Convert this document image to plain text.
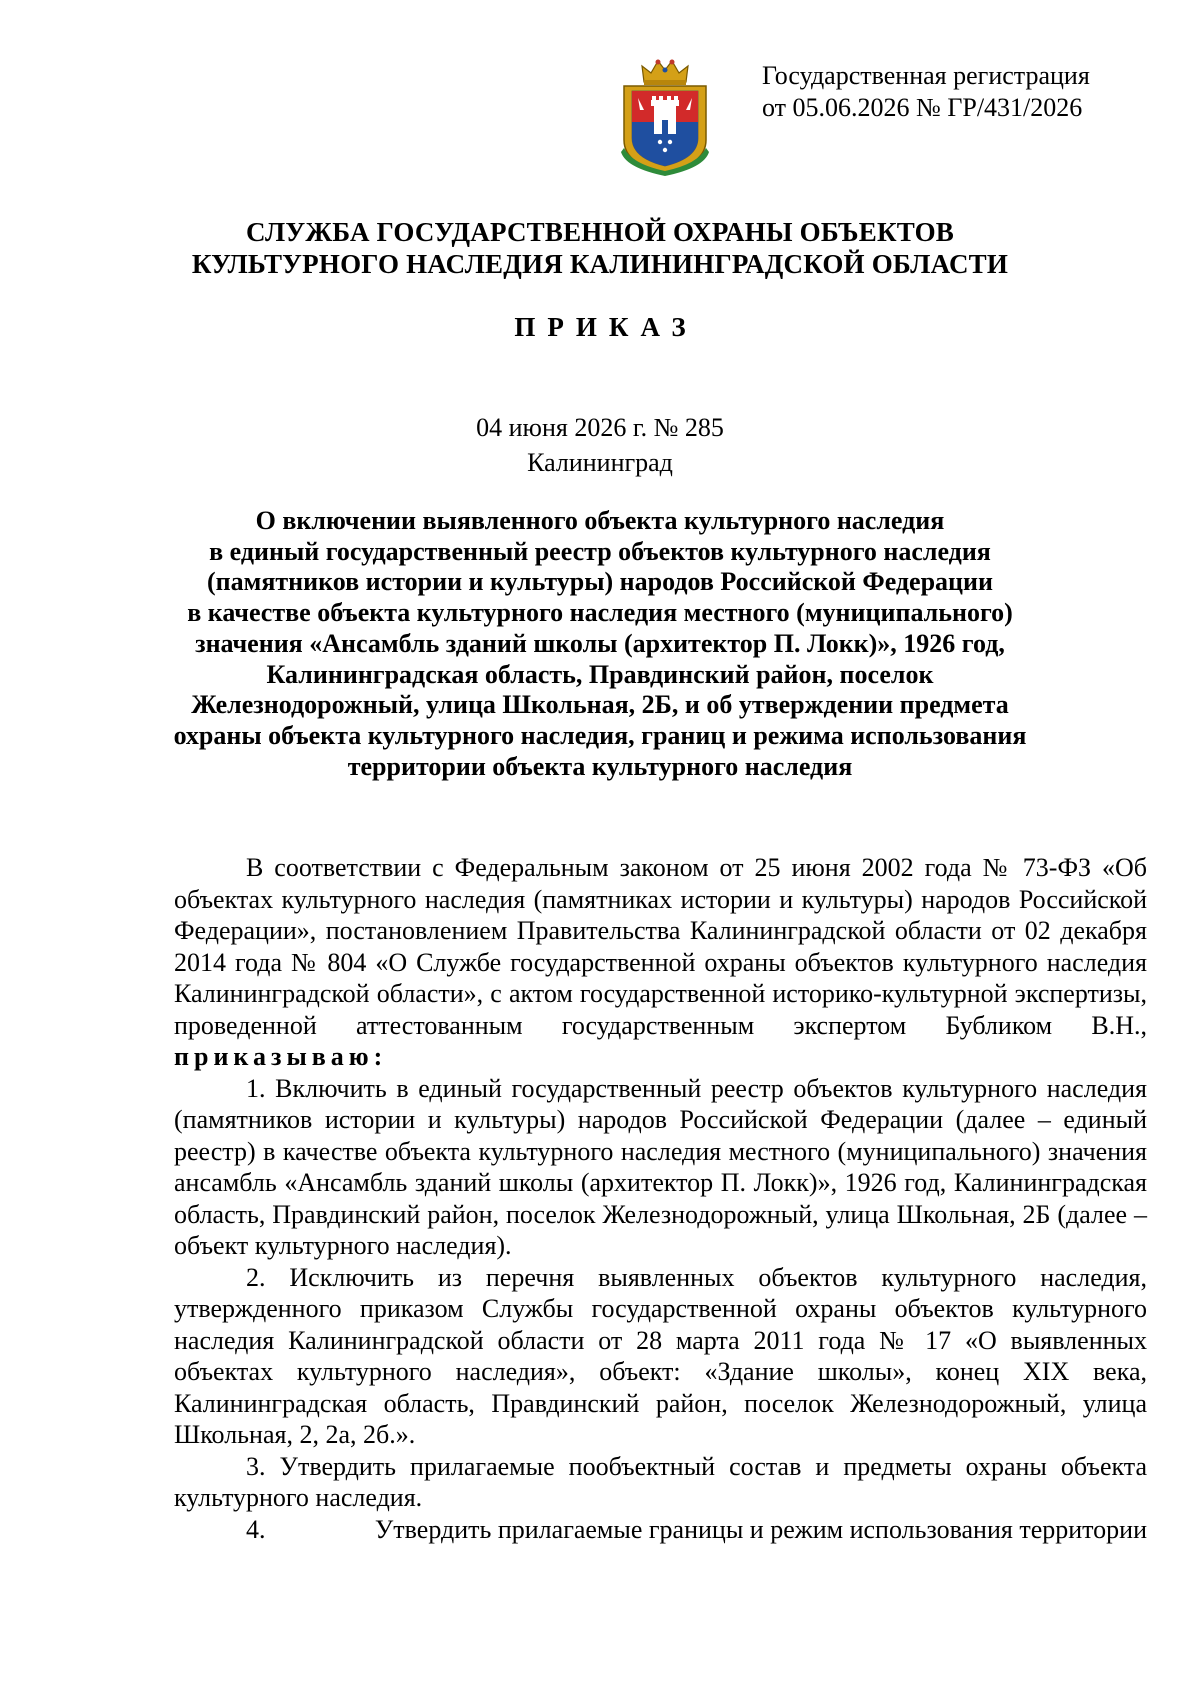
Государственная регистрация
от 05.06.2026 № ГР/431/2026
СЛУЖБА ГОСУДАРСТВЕННОЙ ОХРАНЫ ОБЪЕКТОВ
КУЛЬТУРНОГО НАСЛЕДИЯ КАЛИНИНГРАДСКОЙ ОБЛАСТИ
ПРИКАЗ
04 июня 2026 г. № 285
Калининград
О включении выявленного объекта культурного наследия
в единый государственный реестр объектов культурного наследия
(памятников истории и культуры) народов Российской Федерации
в качестве объекта культурного наследия местного (муниципального)
значения «Ансамбль зданий школы (архитектор П. Локк)», 1926 год,
Калининградская область, Правдинский район, поселок
Железнодорожный, улица Школьная, 2Б, и об утверждении предмета
охраны объекта культурного наследия, границ и режима использования
территории объекта культурного наследия

В соответствии с Федеральным законом от 25 июня 2002 года № 73-ФЗ «Об объектах культурного наследия (памятниках истории и культуры) народов Российской Федерации», постановлением Правительства Калининградской области от 02 декабря 2014 года № 804 «О Службе государственной охраны объектов культурного наследия Калининградской области», с актом государственной историко-культурной экспертизы, проведенной аттестованным государственным экспертом Бубликом В.Н., приказываю:

1. Включить в единый государственный реестр объектов культурного наследия (памятников истории и культуры) народов Российской Федерации (далее – единый реестр) в качестве объекта культурного наследия местного (муниципального) значения ансамбль «Ансамбль зданий школы (архитектор П. Локк)», 1926 год, Калининградская область, Правдинский район, поселок Железнодорожный, улица Школьная, 2Б (далее – объект культурного наследия).

2. Исключить из перечня выявленных объектов культурного наследия, утвержденного приказом Службы государственной охраны объектов культурного наследия Калининградской области от 28 марта 2011 года № 17 «О выявленных объектах культурного наследия», объект: «Здание школы», конец XIX века, Калининградская область, Правдинский район, поселок Железнодорожный, улица Школьная, 2, 2а, 2б.».

3. Утвердить прилагаемые пообъектный состав и предметы охраны объекта культурного наследия.

4.	Утвердить прилагаемые границы и режим использования территории
